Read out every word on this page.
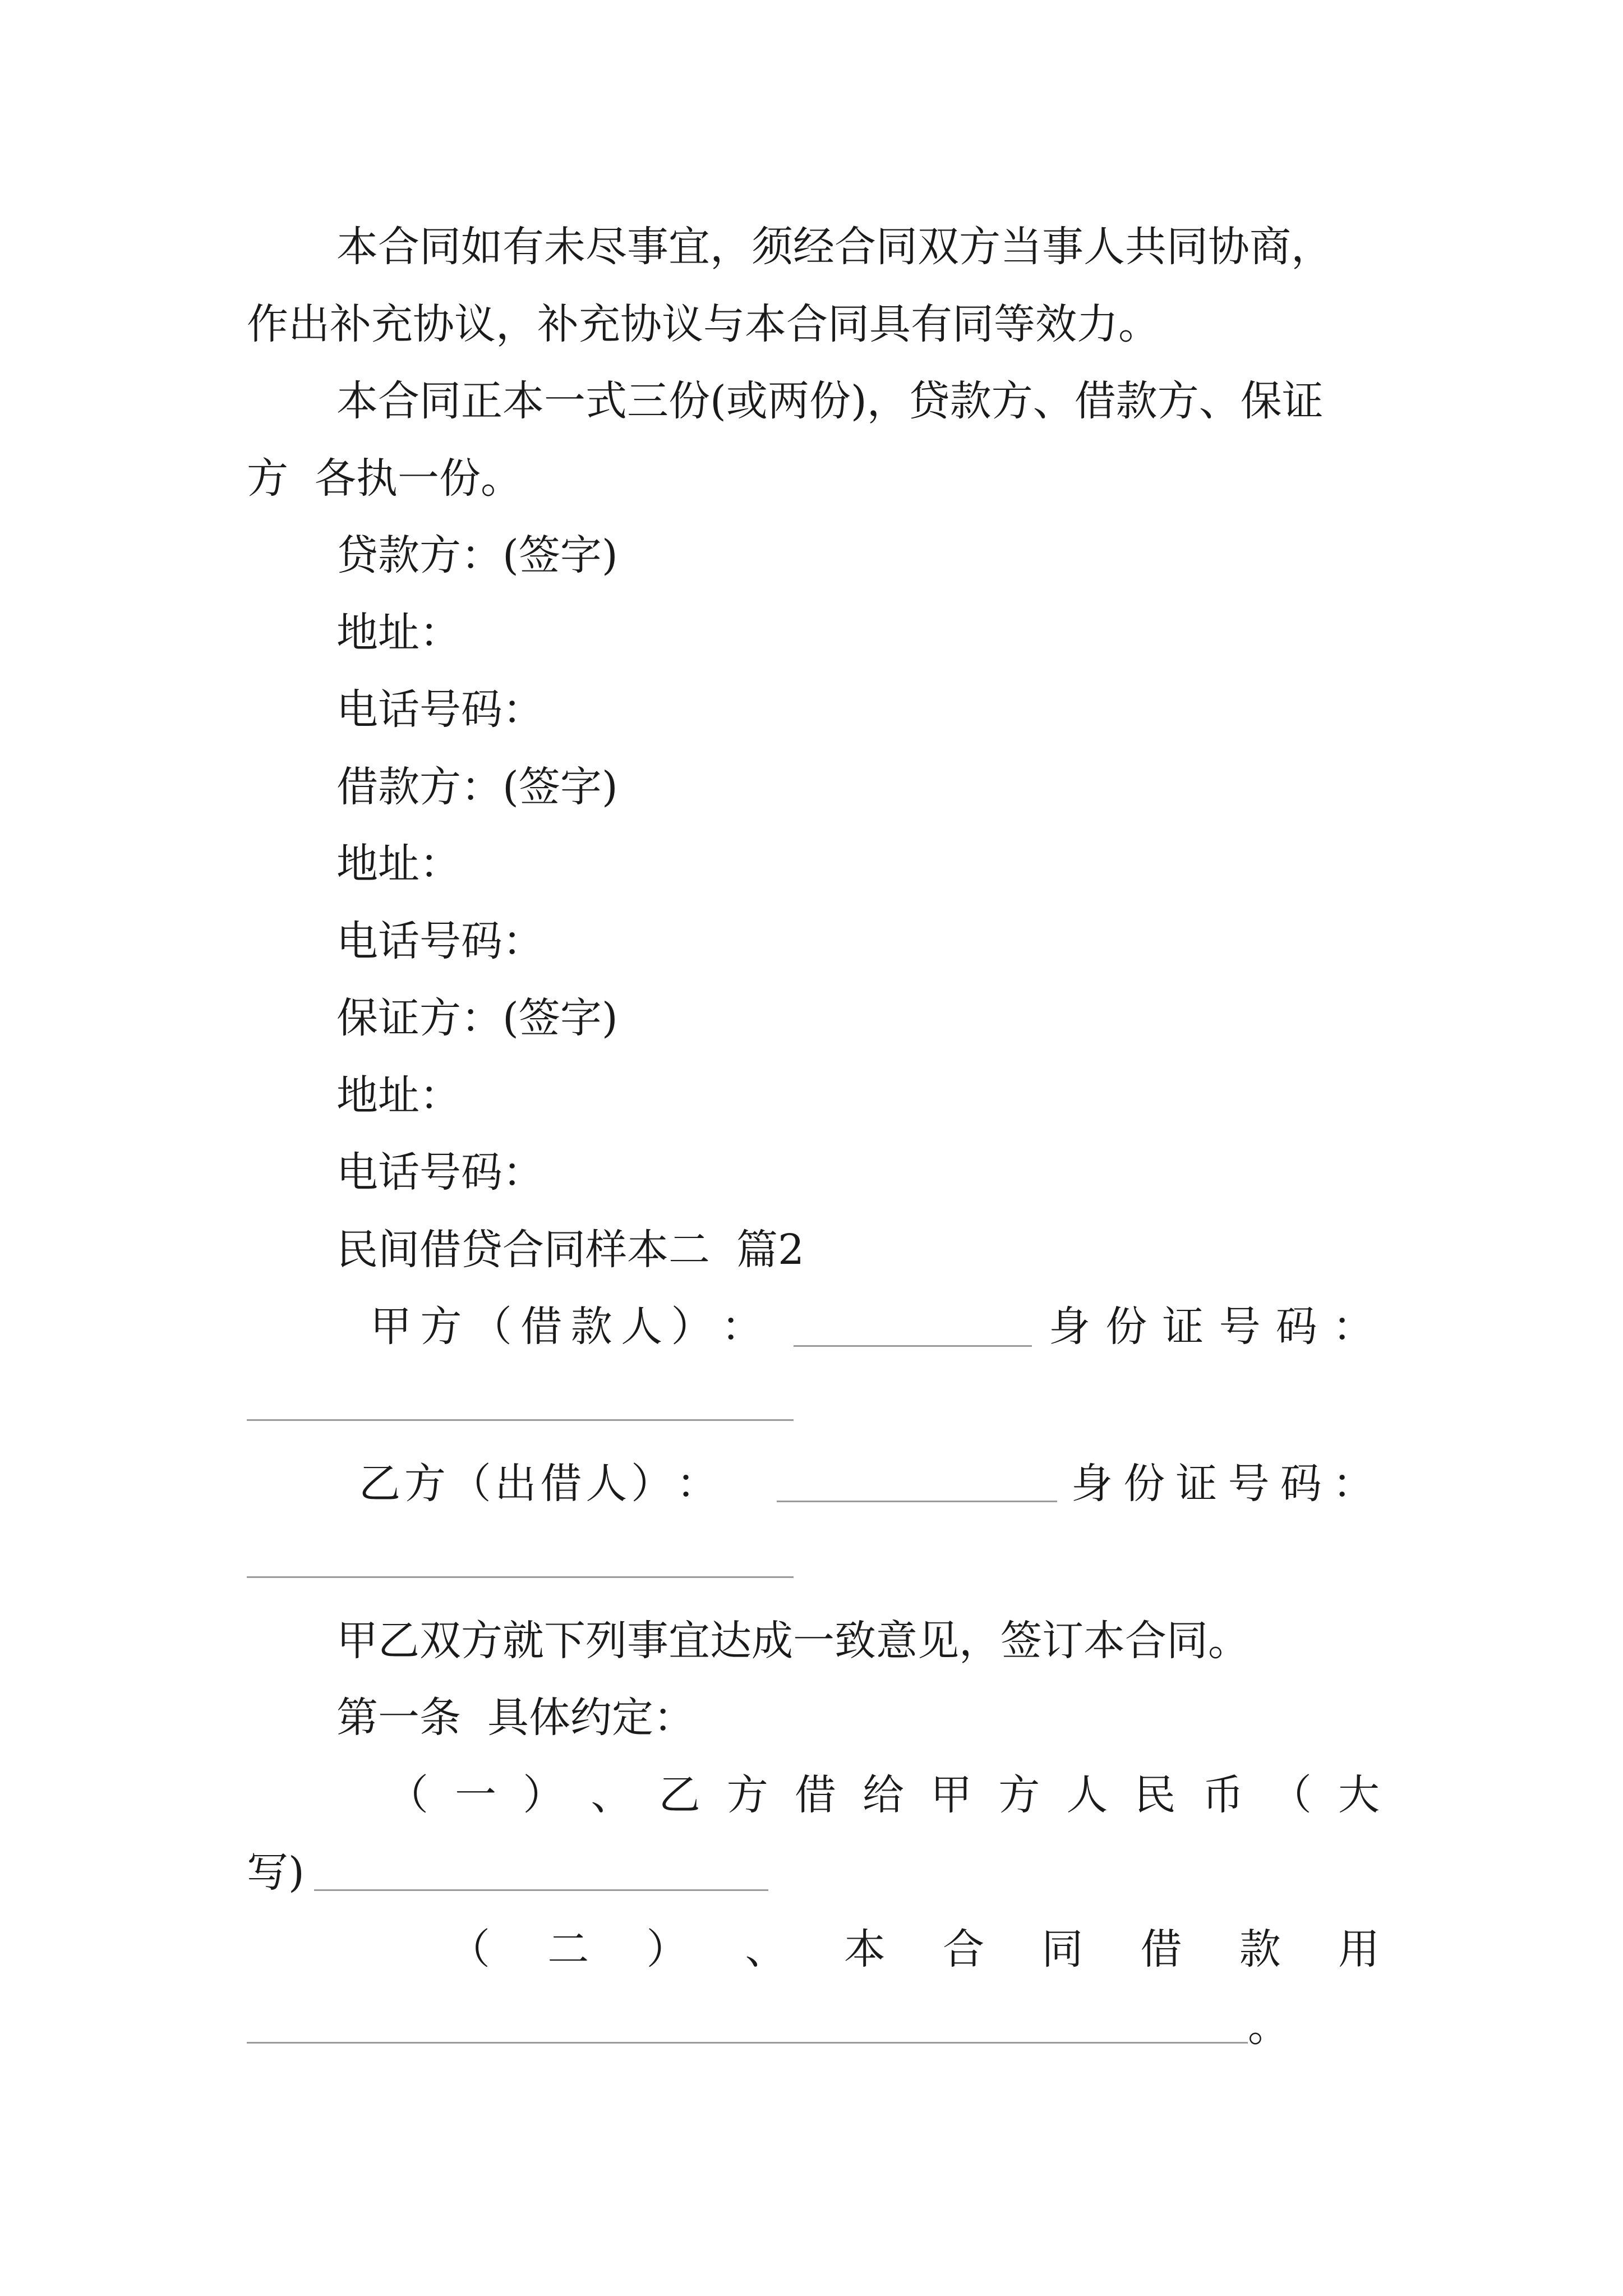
本合同如有未尽事宜，须经合同双方当事人共同协商，
作出补充协议，补充协议与本合同具有同等效力。
本合同正本一式三份(或两份)，贷款方、借款方、保证
方  各执一份。
贷款方：(签字)
地址：
电话号码：
借款方：(签字)
地址：
电话号码：
保证方：(签字)
地址：
电话号码：
民间借贷合同样本二  篇2
甲 方 （ 借 款 人 ） ：	身 份 证 号 码 ：
乙 方 （ 出 借 人 ） ：	身 份 证 号 码 ：
甲乙双方就下列事宜达成一致意见，签订本合同。
第一条  具体约定：
（ 一 ） 、 乙 方 借 给 甲 方 人 民 币 （ 大
写)
（ 二 ） 、 本 合 同 借 款 用
。
